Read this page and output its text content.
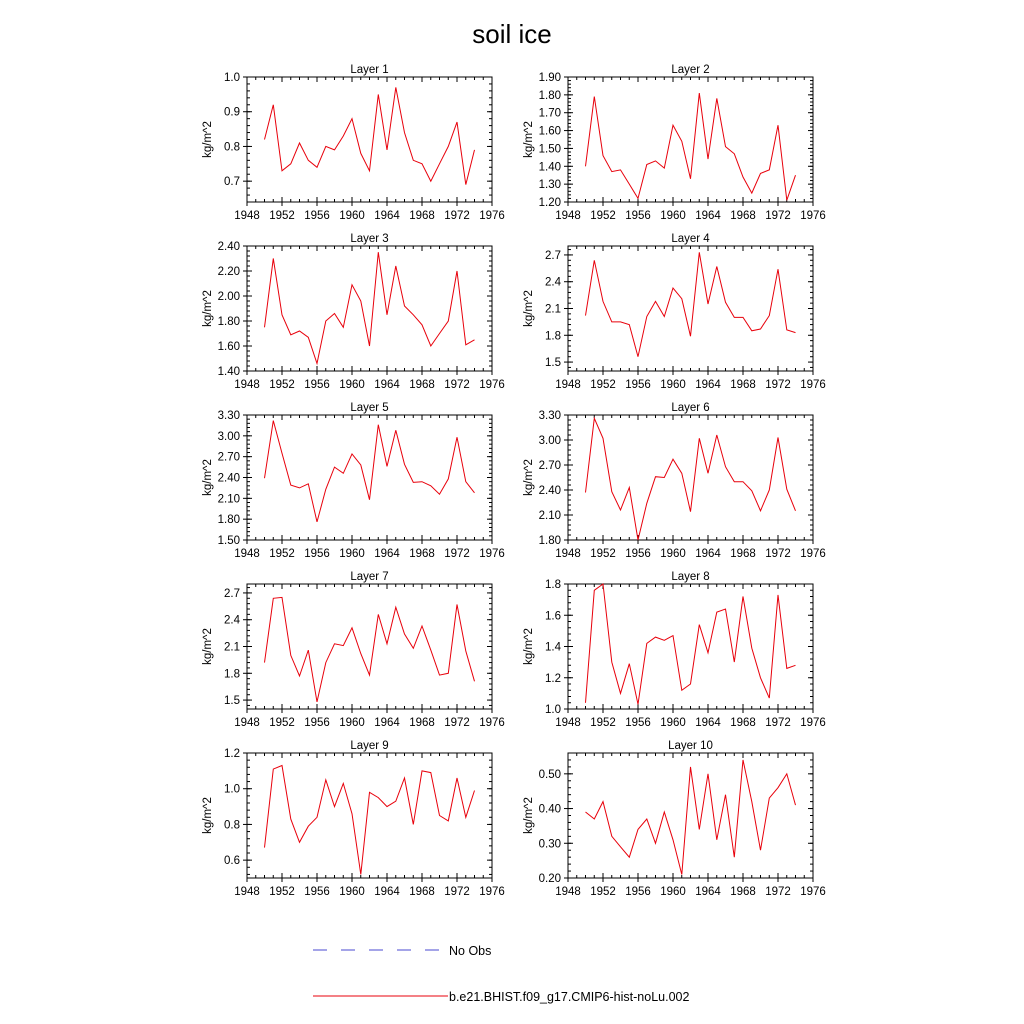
soil ice
Layer 1
kg/m^2
1948 1952 1956 1960 1964 1968 1972 1976
0.7
0.8
0.9
1.0
Layer 2
kg/m^2
1948 1952 1956 1960 1964 1968 1972 1976
1.20
1.30
1.40
1.50
1.60
1.70
1.80
1.90
Layer 3
kg/m^2
1948 1952 1956 1960 1964 1968 1972 1976
1.40
1.60
1.80
2.00
2.20
2.40
Layer 4
kg/m^2
1948 1952 1956 1960 1964 1968 1972 1976
1.5
1.8
2.1
2.4
2.7
Layer 5
kg/m^2
1948 1952 1956 1960 1964 1968 1972 1976
1.50
1.80
2.10
2.40
2.70
3.00
3.30
Layer 6
kg/m^2
1948 1952 1956 1960 1964 1968 1972 1976
1.80
2.10
2.40
2.70
3.00
3.30
Layer 7
kg/m^2
1948 1952 1956 1960 1964 1968 1972 1976
1.5
1.8
2.1
2.4
2.7
Layer 8
kg/m^2
1948 1952 1956 1960 1964 1968 1972 1976
1.0
1.2
1.4
1.6
1.8
Layer 9
kg/m^2
1948 1952 1956 1960 1964 1968 1972 1976
0.6
0.8
1.0
1.2
Layer 10
kg/m^2
1948 1952 1956 1960 1964 1968 1972 1976
0.20
0.30
0.40
0.50
No Obs
b.e21.BHIST.f09_g17.CMIP6-hist-noLu.002
